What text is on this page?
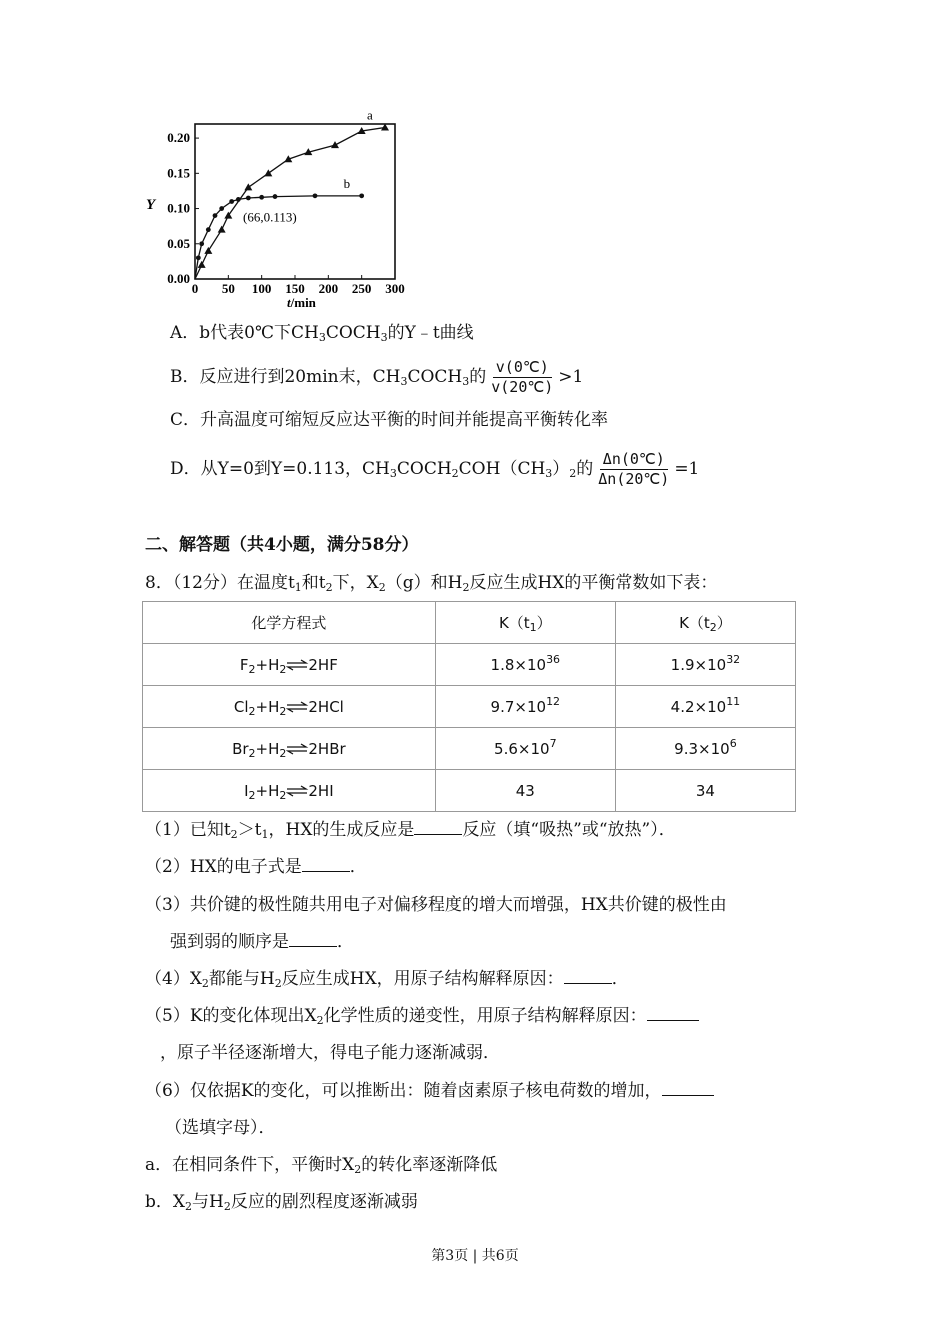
0 50 100 150 200 250 300
0.00
0.05
0.10
0.15
0.20
Y
t/min
a
b
(66,0.113)
A．b代表0℃下$CH_3COCH_3$的Y﹣t曲线
B．反应进行到20min末，$CH_3COCH_3$的 $\frac{v(0℃)}{v(20℃)} >1$
C．升高温度可缩短反应达平衡的时间并能提高平衡转化率
D．从Y=0到Y=0.113，$CH_3COCH_2COH(CH_3)_2$的 $\frac{\Delta n(0℃)}{\Delta n(20℃)} =1$
二、解答题（共4小题，满分58分）
8．（12分）在温度$t_1$和$t_2$下，$X_2(g)$和$H_2$反应生成HX的平衡常数如下表：
化学方程式	$K(t_1)$	$K(t_2)$
$F_2+H_2\rightleftharpoons 2HF$	$1.8\times 10^{36}$	$1.9\times 10^{32}$
$Cl_2+H_2\rightleftharpoons 2HCl$	$9.7\times 10^{12}$	$4.2\times 10^{11}$
$Br_2+H_2\rightleftharpoons 2HBr$	$5.6\times 10^7$	$9.3\times 10^6$
$I_2+H_2\rightleftharpoons 2HI$	43	34
（1）已知$t_2>t_1$，HX的生成反应是	反应（填“吸热”或“放热”）．
（2）HX的电子式是	．
（3）共价键的极性随共用电子对偏移程度的增大而增强，HX共价键的极性由
强到弱的顺序是	．
$(4)X_2$都能与$H_2$反应生成HX，用原子结构解释原因：	．
（5）K的变化体现出$X_2$化学性质的递变性，用原子结构解释原因：
，原子半径逐渐增大，得电子能力逐渐减弱．
（6）仅依据K的变化，可以推断出：随着卤素原子核电荷数的增加，
（选填字母）．
a．在相同条件下，平衡时$X_2$的转化率逐渐降低
b．$X_2$与$H_2$反应的剧烈程度逐渐减弱
第3页 | 共6页
